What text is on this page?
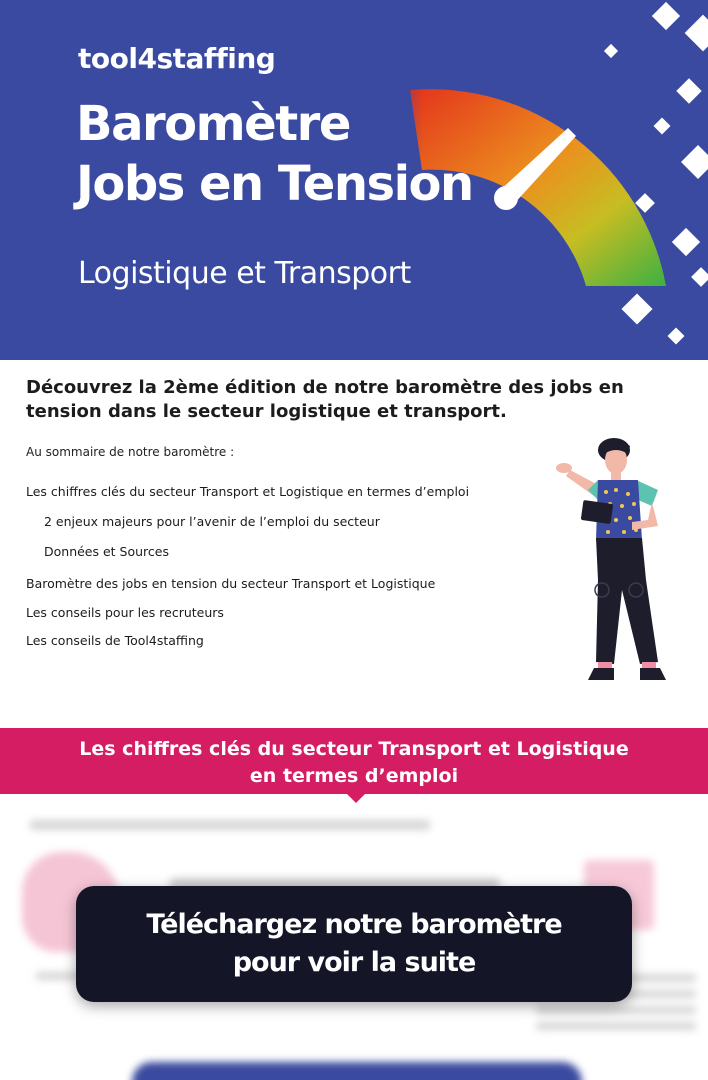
tool4staffing
Baromètre
Jobs en Tension
Logistique et Transport
Découvrez la 2ème édition de notre baromètre des jobs en tension dans le secteur logistique et transport.
Au sommaire de notre baromètre :
Les chiffres clés du secteur Transport et Logistique en termes d’emploi
2 enjeux majeurs pour l’avenir de l’emploi du secteur
Données et Sources
Baromètre des jobs en tension du secteur Transport et Logistique
Les conseils pour les recruteurs
Les conseils de Tool4staffing
Les chiffres clés du secteur Transport et Logistique
en termes d’emploi
Téléchargez notre baromètre
pour voir la suite
